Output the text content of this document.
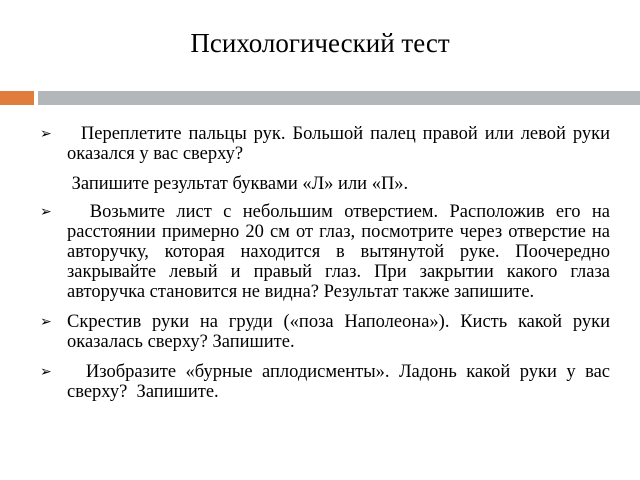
Психологический тест
➢ Переплетите пальцы рук. Большой палец правой или левой руки оказался у вас сверху?
Запишите результат буквами «Л» или «П».
➢ Возьмите лист с небольшим отверстием. Расположив его на расстоянии примерно 20 см от глаз, посмотрите через отверстие на авторучку, которая находится в вытянутой руке. Поочередно закрывайте левый и правый глаз. При закрытии какого глаза авторучка становится не видна? Результат также запишите.
➢ Скрестив руки на груди («поза Наполеона»). Кисть какой руки оказалась сверху? Запишите.
➢ Изобразите «бурные аплодисменты». Ладонь какой руки у вас сверху?  Запишите.
